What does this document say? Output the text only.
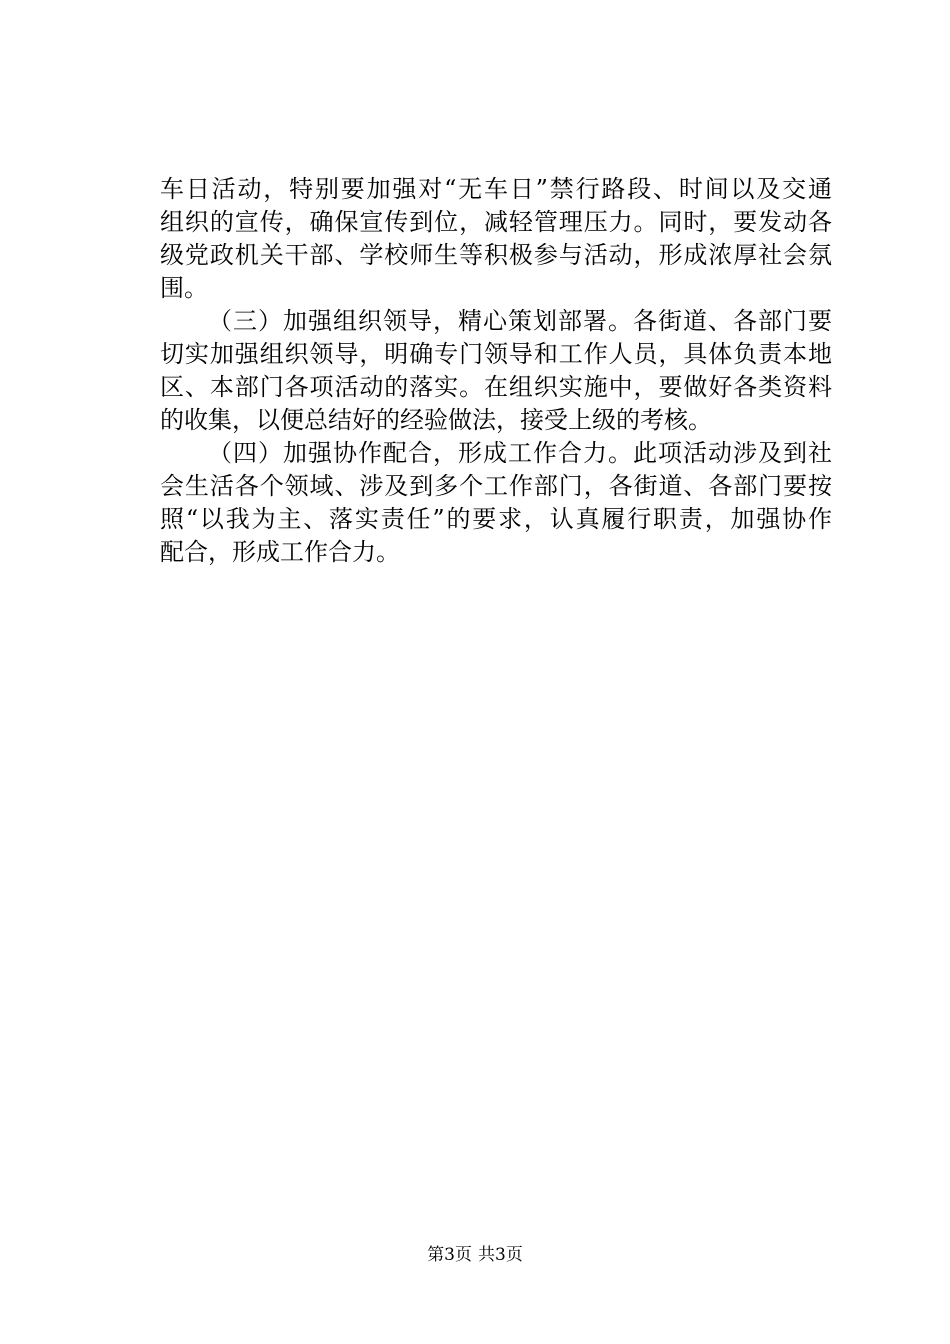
车日活动，特别要加强对“无车日”禁行路段、时间以及交通
组织的宣传，确保宣传到位，减轻管理压力。同时，要发动各
级党政机关干部、学校师生等积极参与活动，形成浓厚社会氛
围。
（三）加强组织领导，精心策划部署。各街道、各部门要
切实加强组织领导，明确专门领导和工作人员，具体负责本地
区、本部门各项活动的落实。在组织实施中，要做好各类资料
的收集，以便总结好的经验做法，接受上级的考核。
（四）加强协作配合，形成工作合力。此项活动涉及到社
会生活各个领域、涉及到多个工作部门，各街道、各部门要按
照“以我为主、落实责任”的要求，认真履行职责，加强协作
配合，形成工作合力。
第3页 共3页
